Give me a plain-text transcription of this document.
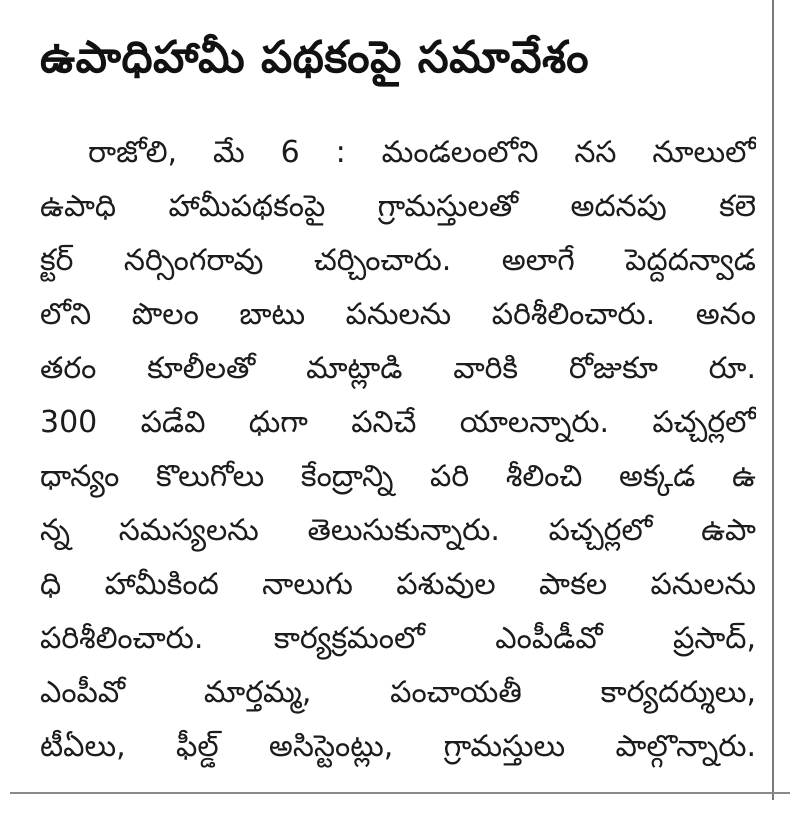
ఉపాధిహామీ పథకంపై సమావేశం
రాజోలి, మే 6 : మండలంలోని నస నూలులో
ఉపాధి హామీపథకంపై గ్రామస్తులతో అదనపు కలె
క్టర్ నర్సింగరావు చర్చించారు. అలాగే పెద్దదన్వాడ
లోని పొలం బాటు పనులను పరిశీలించారు. అనం
తరం కూలీలతో మాట్లాడి వారికి రోజుకూ రూ.
300 పడేవి ధుగా పనిచే యాలన్నారు. పచ్చర్లలో
ధాన్యం కొలుగోలు కేంద్రాన్ని పరి శీలించి అక్కడ ఉ
న్న సమస్యలను తెలుసుకున్నారు. పచ్చర్లలో ఉపా
ధి హామీకింద నాలుగు పశువుల పాకల పనులను
పరిశీలించారు. కార్యక్రమంలో ఎంపీడీవో ప్రసాద్,
ఎంపీవో మార్తమ్మ, పంచాయతీ కార్యదర్శులు,
టీఏలు, ఫీల్డ్ అసిస్టెంట్లు, గ్రామస్తులు పాల్గొన్నారు.
